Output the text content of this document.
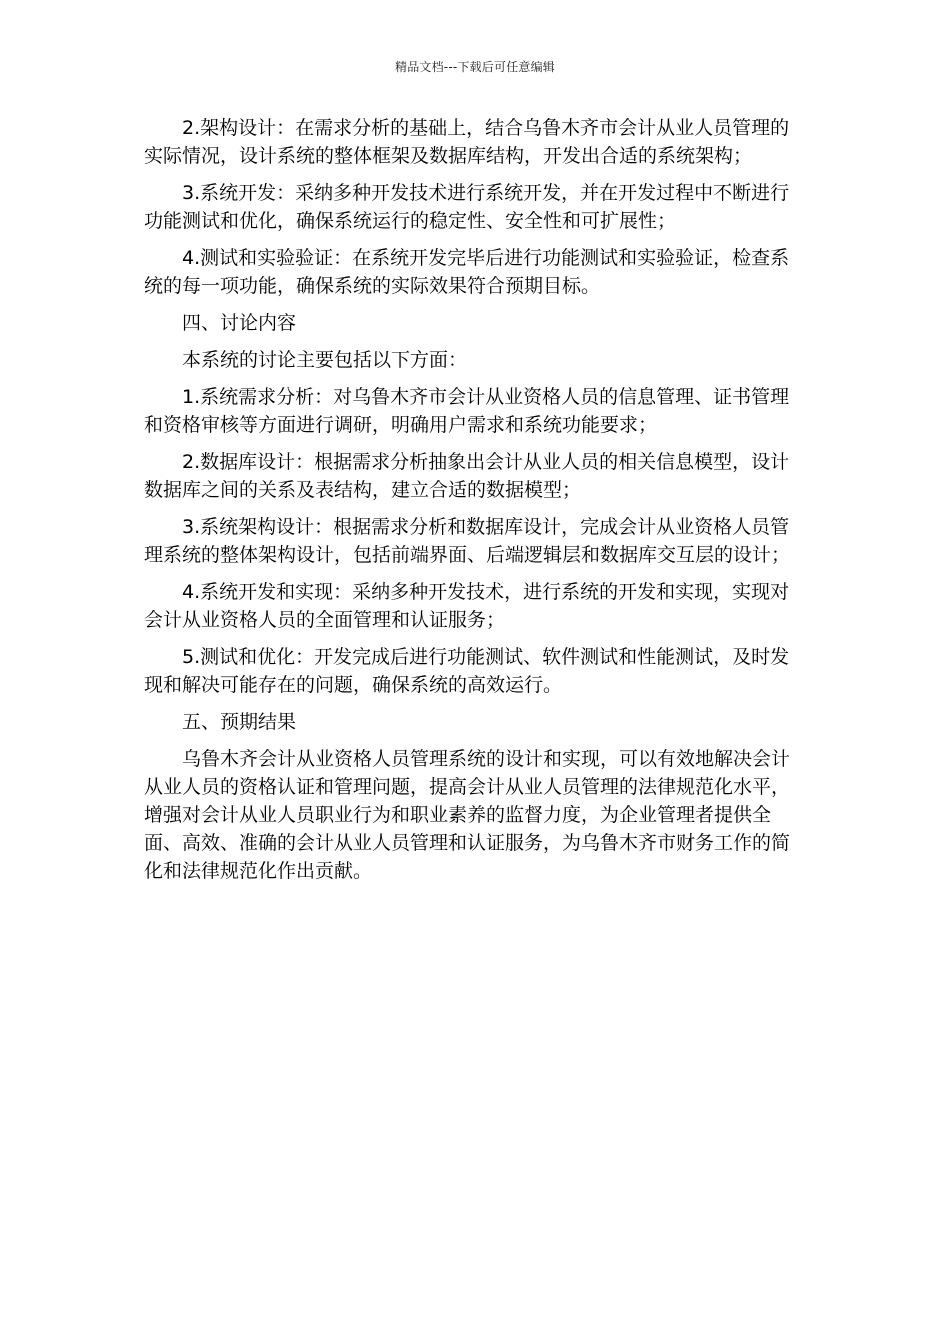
精品文档---下载后可任意编辑

2.架构设计：在需求分析的基础上，结合乌鲁木齐市会计从业人员管理的实际情况，设计系统的整体框架及数据库结构，开发出合适的系统架构；

3.系统开发：采纳多种开发技术进行系统开发，并在开发过程中不断进行功能测试和优化，确保系统运行的稳定性、安全性和可扩展性；

4.测试和实验验证：在系统开发完毕后进行功能测试和实验验证，检查系统的每一项功能，确保系统的实际效果符合预期目标。

四、讨论内容

本系统的讨论主要包括以下方面：

1.系统需求分析：对乌鲁木齐市会计从业资格人员的信息管理、证书管理和资格审核等方面进行调研，明确用户需求和系统功能要求；

2.数据库设计：根据需求分析抽象出会计从业人员的相关信息模型，设计数据库之间的关系及表结构，建立合适的数据模型；

3.系统架构设计：根据需求分析和数据库设计，完成会计从业资格人员管理系统的整体架构设计，包括前端界面、后端逻辑层和数据库交互层的设计；

4.系统开发和实现：采纳多种开发技术，进行系统的开发和实现，实现对会计从业资格人员的全面管理和认证服务；

5.测试和优化：开发完成后进行功能测试、软件测试和性能测试，及时发现和解决可能存在的问题，确保系统的高效运行。

五、预期结果

乌鲁木齐会计从业资格人员管理系统的设计和实现，可以有效地解决会计从业人员的资格认证和管理问题，提高会计从业人员管理的法律规范化水平，增强对会计从业人员职业行为和职业素养的监督力度，为企业管理者提供全面、高效、准确的会计从业人员管理和认证服务，为乌鲁木齐市财务工作的简化和法律规范化作出贡献。
